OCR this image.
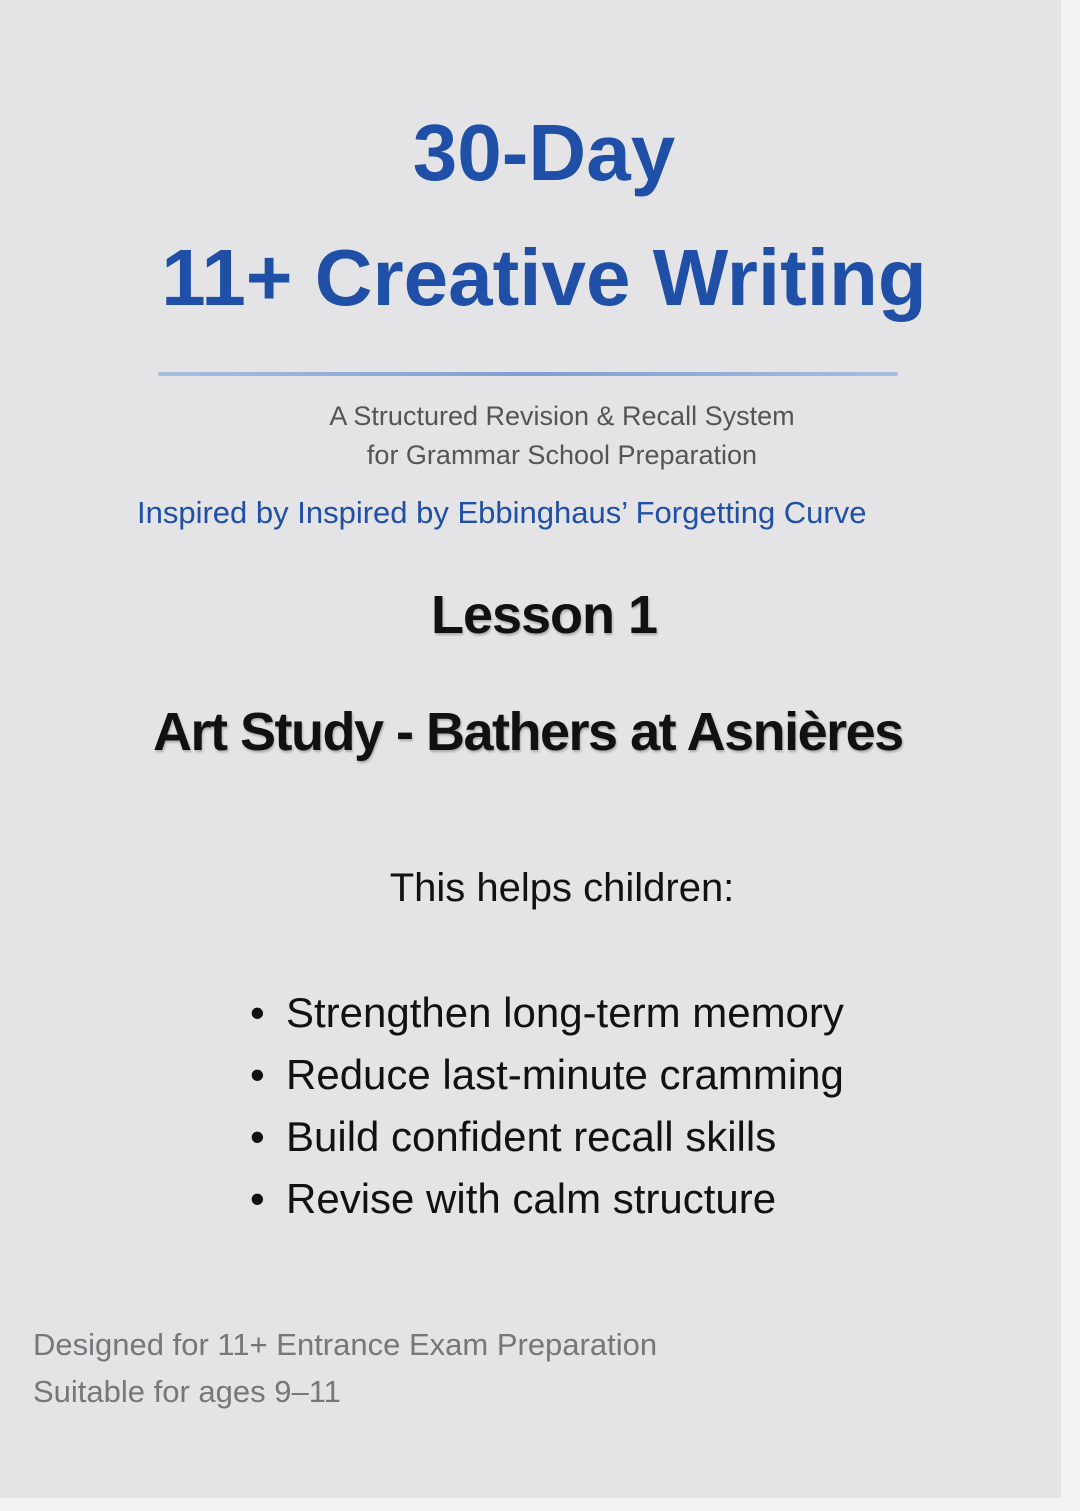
30-Day
11+ Creative Writing

A Structured Revision & Recall System

for Grammar School Preparation

Inspired by Inspired by Ebbinghaus’ Forgetting Curve

Lesson 1
Art Study - Bathers at Asnières

This helps children:

• Strengthen long-term memory
• Reduce last-minute cramming
• Build confident recall skills
• Revise with calm structure

Designed for 11+ Entrance Exam Preparation

Suitable for ages 9–11
